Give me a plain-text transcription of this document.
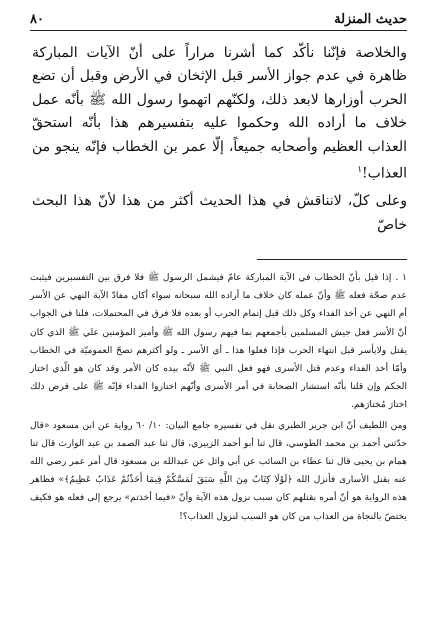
٨٠	حديث المنزلة

والخلاصة فإنّنا نأكّد كما أشرنا مراراً على أنّ الآيات المباركة ظاهرة في عدم جواز الأسر قبل الإثخان في الأرض وقبل أن تضع الحرب أوزارها لابعد ذلك، ولكنّهم اتهموا رسول الله ﷺ بأنّه عمل خلاف ما أراده الله وحكموا عليه بتفسيرهم هذا بأنّه استحقّ العذاب العظيم وأصحابه جميعاً، إلّا عمر بن الخطاب فإنّه ينجو من العذاب!$^١$

وعلى كلّ، لانناقش في هذا الحديث أكثر من هذا لأنّ هذا البحث خاصّ

١ . إذا قيل بأنّ الخطاب في الآية المباركة عامّ فيشمل الرسول ﷺ فلا فرق بين التفسيرين فيثبت عدم صحّة فعله ﷺ وأنّ عمله كان خلاف ما أراده الله سبحانه سواء أكان مفادّ الآية النهي عن الأسر أم النهي عن أخذ الفداء وكل ذلك قبل إتمام الحرب أو بعده فلا فرق في المحتملات، فلنا في الجواب أنّ الأسر فعل جيش المسلمين بأجمعهم بما فيهم رسول الله ﷺ وأمير المؤمنين علي ﷺ الذي كان يقتل ولايأسر قبل انتهاء الحرب فإذا فعلوا هذا ـ أي الأسر ـ ولو أكثرهم تصحّ العموميّة في الخطاب وأمّا أخذ الفداء وعدم قتل الأسرى فهو فعل النبي ﷺ لأنّه بيده كان الأمر وقد كان هو الّذي اختار الحكم وإن قلنا بأنّه استشار الصحابة في أمر الأسرى وأنّهم اختاروا الفداء فإنّه ﷺ على فرض ذلك اختارَ مُختارَهم.

ومن اللطيف أنّ ابن جرير الطبري نقل في تفسيره جامع البيان: ١٠/ ٦٠ رواية عن ابن مسعود «قال حدّثني أحمد بن محمد الطوسي، قال ثنا أبو أحمد الزبيري، قال ثنا عبد الصمد بن عبد الوارث قال ثنا همام بن يحيى قال ثنا عطاء بن السائب عن أبي وائل عن عبدالله بن مسعود قال أمر عمر رضي الله عنه بقتل الأسارى فأنزل الله ﴿لَوْلَا كِتَابٌ مِنَ اللَّهِ سَبَقَ لَمَسَّكُمْ فِيمَا أَخَذْتُمْ عَذَابٌ عَظِيمٌ﴾» فظاهر هذه الرواية هو أنّ أمره بقتلهم كان سبب نزول هذه الآية وأنّ «فيما أخذتم» يرجع إلى فعله هو فكيف يختصّ بالنجاة من العذاب من كان هو السبب لنزول العذاب؟!
